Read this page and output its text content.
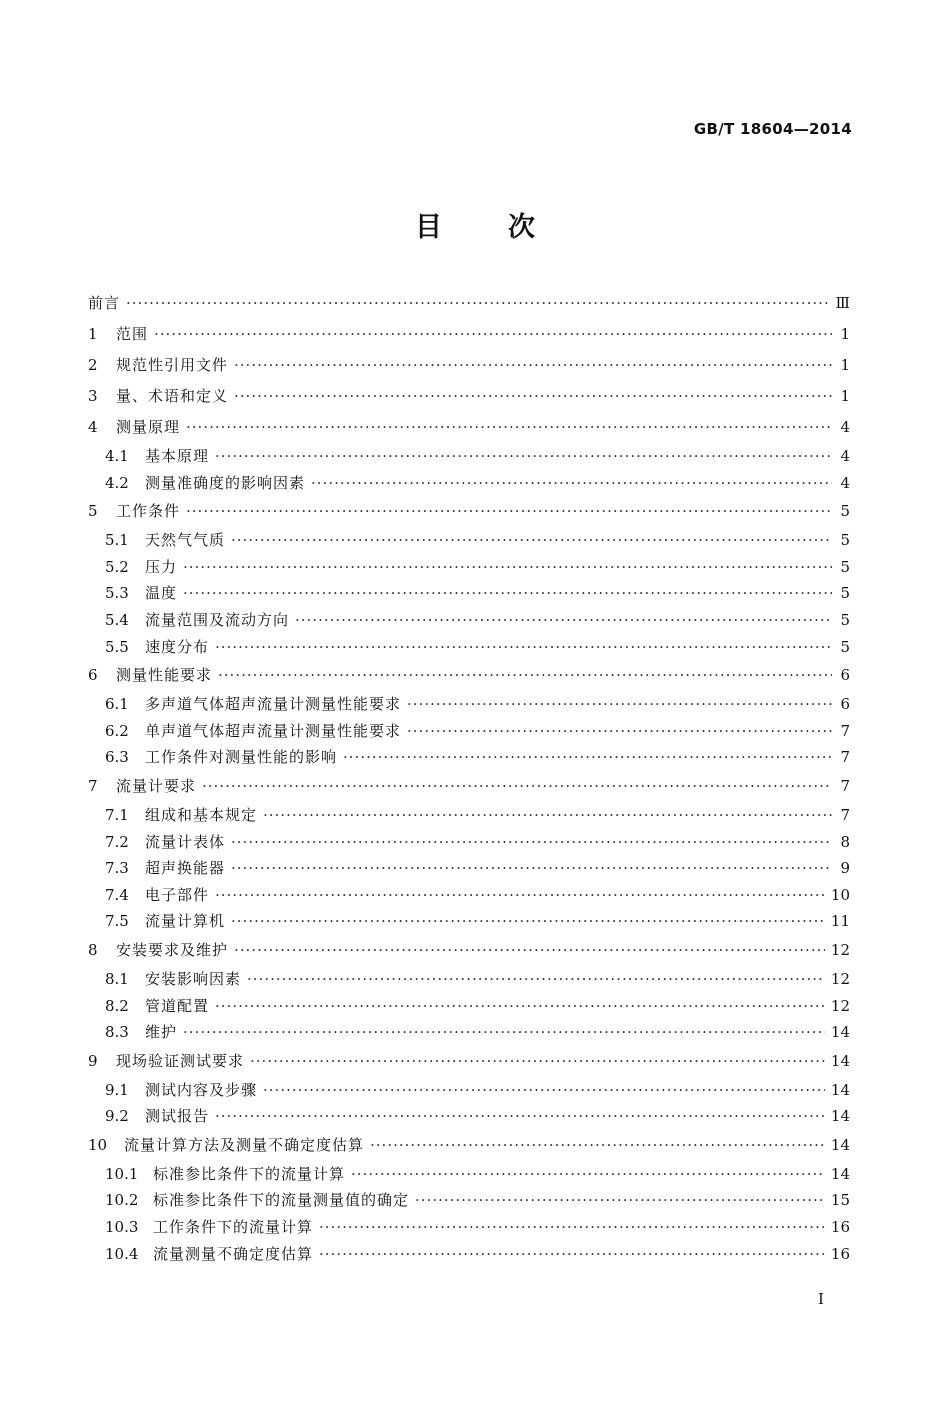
GB/T 18604—2014
目 次
前言 ·····	Ⅲ
1	范围 ·····	1
2	规范性引用文件 ·····	1
3	量、术语和定义 ·····	1
4	测量原理 ·····	4
4.1	基本原理 ·····	4
4.2	测量准确度的影响因素 ·····	4
5	工作条件 ·····	5
5.1	天然气气质 ·····	5
5.2	压力 ·····	5
5.3	温度 ·····	5
5.4	流量范围及流动方向 ·····	5
5.5	速度分布 ·····	5
6	测量性能要求 ·····	6
6.1	多声道气体超声流量计测量性能要求 ·····	6
6.2	单声道气体超声流量计测量性能要求 ·····	7
6.3	工作条件对测量性能的影响 ·····	7
7	流量计要求 ·····	7
7.1	组成和基本规定 ·····	7
7.2	流量计表体 ·····	8
7.3	超声换能器 ·····	9
7.4	电子部件 ·····	10
7.5	流量计算机 ·····	11
8	安装要求及维护 ·····	12
8.1	安装影响因素 ·····	12
8.2	管道配置 ·····	12
8.3	维护 ·····	14
9	现场验证测试要求 ·····	14
9.1	测试内容及步骤 ·····	14
9.2	测试报告 ·····	14
10	流量计算方法及测量不确定度估算 ·····	14
10.1 标准参比条件下的流量计算 ·····	14
10.2 标准参比条件下的流量测量值的确定 ·····	15
10.3 工作条件下的流量计算 ·····	16
10.4 流量测量不确定度估算 ·····	16
Ⅰ
